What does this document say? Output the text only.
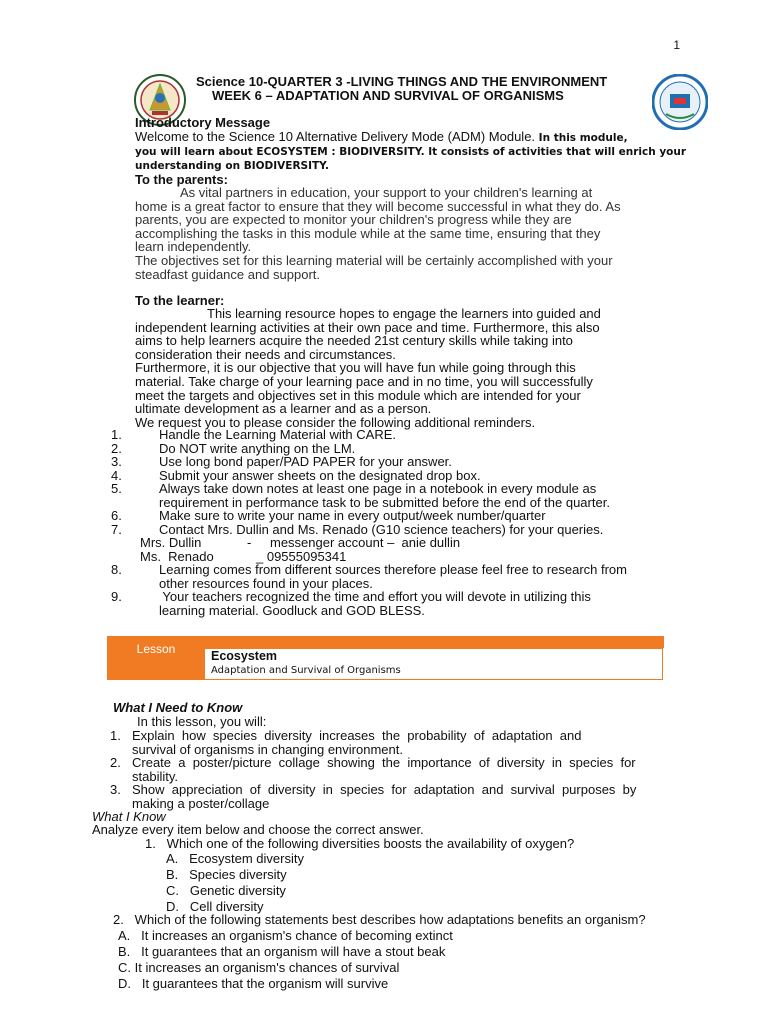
1
Science 10-QUARTER 3 -LIVING THINGS AND THE ENVIRONMENT
WEEK 6 – ADAPTATION AND SURVIVAL OF ORGANISMS
Introductory Message
Welcome to the Science 10 Alternative Delivery Mode (ADM) Module. In this module,
you will learn about ECOSYSTEM : BIODIVERSITY. It consists of activities that will enrich your
understanding on BIODIVERSITY.
To the parents:
As vital partners in education, your support to your children's learning at
home is a great factor to ensure that they will become successful in what they do. As
parents, you are expected to monitor your children's progress while they are
accomplishing the tasks in this module while at the same time, ensuring that they
learn independently.
The objectives set for this learning material will be certainly accomplished with your
steadfast guidance and support.
To the learner:
This learning resource hopes to engage the learners into guided and
independent learning activities at their own pace and time. Furthermore, this also
aims to help learners acquire the needed 21st century skills while taking into
consideration their needs and circumstances.
Furthermore, it is our objective that you will have fun while going through this
material. Take charge of your learning pace and in no time, you will successfully
meet the targets and objectives set in this module which are intended for your
ultimate development as a learner and as a person.
We request you to please consider the following additional reminders.
1.	Handle the Learning Material with CARE.
2.	Do NOT write anything on the LM.
3.	Use long bond paper/PAD PAPER for your answer.
4.	Submit your answer sheets on the designated drop box.
5.	Always take down notes at least one page in a notebook in every module as
requirement in performance task to be submitted before the end of the quarter.
6.	Make sure to write your name in every output/week number/quarter
7.	Contact Mrs. Dullin and Ms. Renado (G10 science teachers) for your queries.
Mrs. Dullin	- messenger account –  anie dullin
Ms.  Renado	_ 09555095341
8.	Learning comes from different sources therefore please feel free to research from
other resources found in your places.
9.	Your teachers recognized the time and effort you will devote in utilizing this
learning material. Goodluck and GOD BLESS.
Lesson	Ecosystem
Adaptation and Survival of Organisms
What I Need to Know
In this lesson, you will:
1. Explain  how  species  diversity  increases  the  probability  of  adaptation  and
survival of organisms in changing environment.
2. Create  a  poster/picture  collage  showing  the  importance  of  diversity  in  species  for
stability.
3. Show  appreciation  of  diversity  in  species  for  adaptation  and  survival  purposes  by
making a poster/collage
What I Know
Analyze every item below and choose the correct answer.
1.   Which one of the following diversities boosts the availability of oxygen?
A.   Ecosystem diversity
B.   Species diversity
C.   Genetic diversity
D.   Cell diversity
2.   Which of the following statements best describes how adaptations benefits an organism?
A.   It increases an organism's chance of becoming extinct
B.   It guarantees that an organism will have a stout beak
C. It increases an organism's chances of survival
D.   It guarantees that the organism will survive
